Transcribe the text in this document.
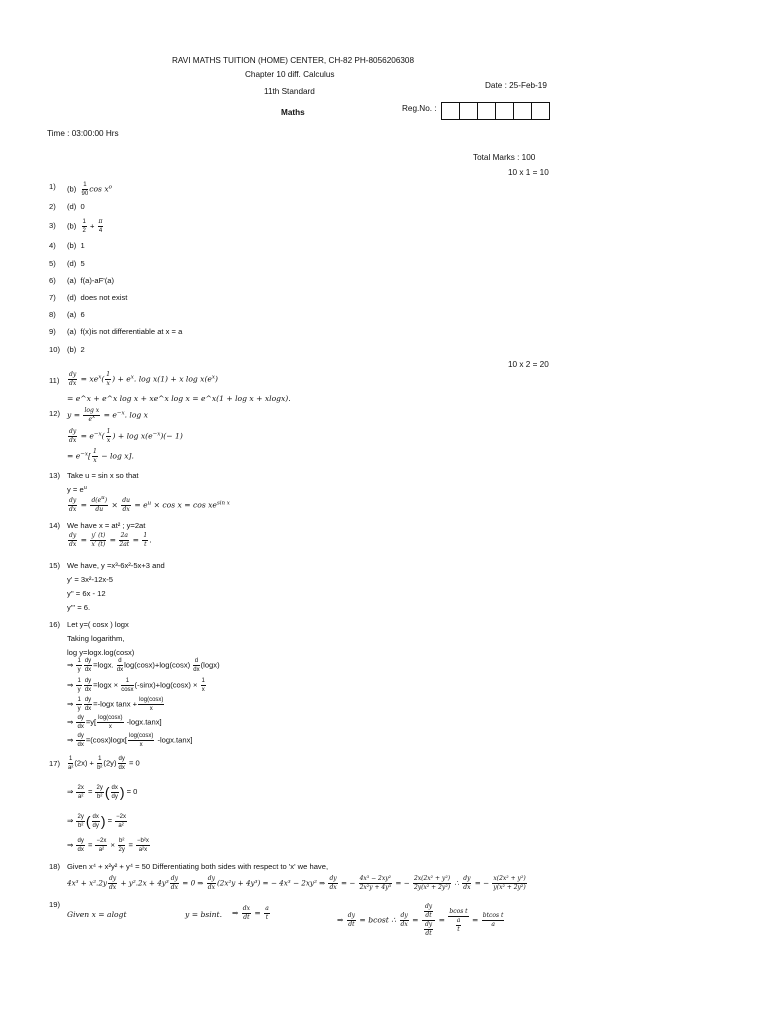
RAVI MATHS TUITION (HOME) CENTER, CH-82 PH-8056206308
Chapter 10 diff. Calculus
Date : 25-Feb-19
11th Standard
Maths	Reg.No. :
Time : 03:00:00 Hrs
Total Marks : 100
10 x 1 = 10
1) $(b) \frac{1}{90}$ $\cos x^o$
2) (d) 0
3) $(b) \frac{1}{2} + \frac{\pi}{4}$
4) (b) 1
5) (d) 5
6) (a) f(a)-aF'(a)
7) (d) does not exist
8) (a) 6
9) (a) f(x)is not differentiable at x = a
10) (b) 2
10 x 2 = 20
$11) \frac{dy}{dx} = xe^x( \frac{1}{x}$ ) + $e^x$. log x(1) + x $\log x(e^x)$
= e^x + e^x log x + xe^x log x = e^x(1 + log x + xlogx).
12) $y = \frac{\text{log x}}{e^x} = e^{-x}$. log x
$\frac{dy}{dx} = e^{-x}( \frac{1}{x}$ ) + $\log x(e^{-x})(- 1)$
= $e^{-x}[ \frac{1}{x} - \log x]$.
13) Take u = sin x so that
$y = e^u$
$\frac{dy}{dx} = \frac{d(e^u)}{du} \times \frac{du}{dx} = e^u \times \cos x = \cos xe^{sin x}$
14) We have x = at² ; y=2at
$\frac{dy}{dx} = \frac{y' (t)}{x' (t)} = \frac{2a}{2at} = \frac{1}{t}$ .
15) We have, y =x³-6x²-5x+3 and
y' = 3x²-12x-5
y'' = 6x - 12
y''' = 6.
16) Let y=( cosx ) logx
Taking logarithm,
log y=logx.log(cosx)
⇒ $\frac{1}{y} \frac{dy}{dx} =\log x$. $\frac{d}{dx} \log(\cos x)+\log(\cos x) \frac{d}{dx} (\log x)$
⇒ $\frac{1}{y} \frac{dy}{dx} =\log x \times \frac{1}{\cos x} (-\sin x)+\log(\cos x) \times \frac{1}{x}$
⇒ $\frac{1}{y} \frac{dy}{dx} =-\log x$ $\tan x + \frac{\log(\cos x)}{x}$
⇒ $\frac{dy}{dx} =y[ \frac{\log(\cos x)}{x} -\log x.\tan x]$
⇒ $\frac{dy}{dx} =(\cos x)\log x[ \frac{\log(\cos x)}{x} -\log x.\tan x]$
$17) \frac{1}{\text{a²}} (2x) + \frac{1}{\text{b²}} (2y) \frac{dy}{dx} = 0$
⇒ $\frac{2x}{\text{a²}} = \frac{2y}{\text{b²}}$ ( $\frac{dx}{dy}$ ) = 0
⇒ $\frac{2y}{\text{b²}}$ ( $\frac{dx}{dy}$ ) = $\frac{-2x}{\text{a²}}$
⇒ $\frac{dy}{dx} = \frac{-2x}{\text{a²}} \times \frac{\text{b²}}{2y} = \frac{\text{−b²x}}{\text{a²x}}$
18) Given x⁴ + x²y² + y⁴ = 50 Differentiating both sides with respect to 'x' we have,
$4x^3 + x^2.2y \frac{dy}{dx} + y^2.2x + 4y^3 \frac{dy}{dx} = 0$ ⇒ $\frac{dy}{dx} (2x^2y + 4y^3)$ = − 4x³ − 2xy² ⇒ $\frac{dy}{dx}$ = − $\frac{\text{4x³ − 2xy²}}{\text{2x²y + 4y³}}$ = − $\frac{\text{2x(2x² + y²)}}{\text{2y(x² + 2y²)}}$ ∴ $\frac{dy}{dx}$ = − $\frac{\text{x(2x² + y²)}}{\text{y(x² + 2y²)}}$
19)
Given x = alogt	y = bsint. ⇒ $\frac{dx}{dt} = \frac{a}{t}$	⇒ $\frac{dy}{dt} = bcost$ ∴ $\frac{dy}{dx} = \frac{\frac{dy}{dt}}{\frac{dy}{dt}} = \frac{\text{bcos t}}{\frac{a}{t}} = \frac{\text{btcos t}}{a}$
